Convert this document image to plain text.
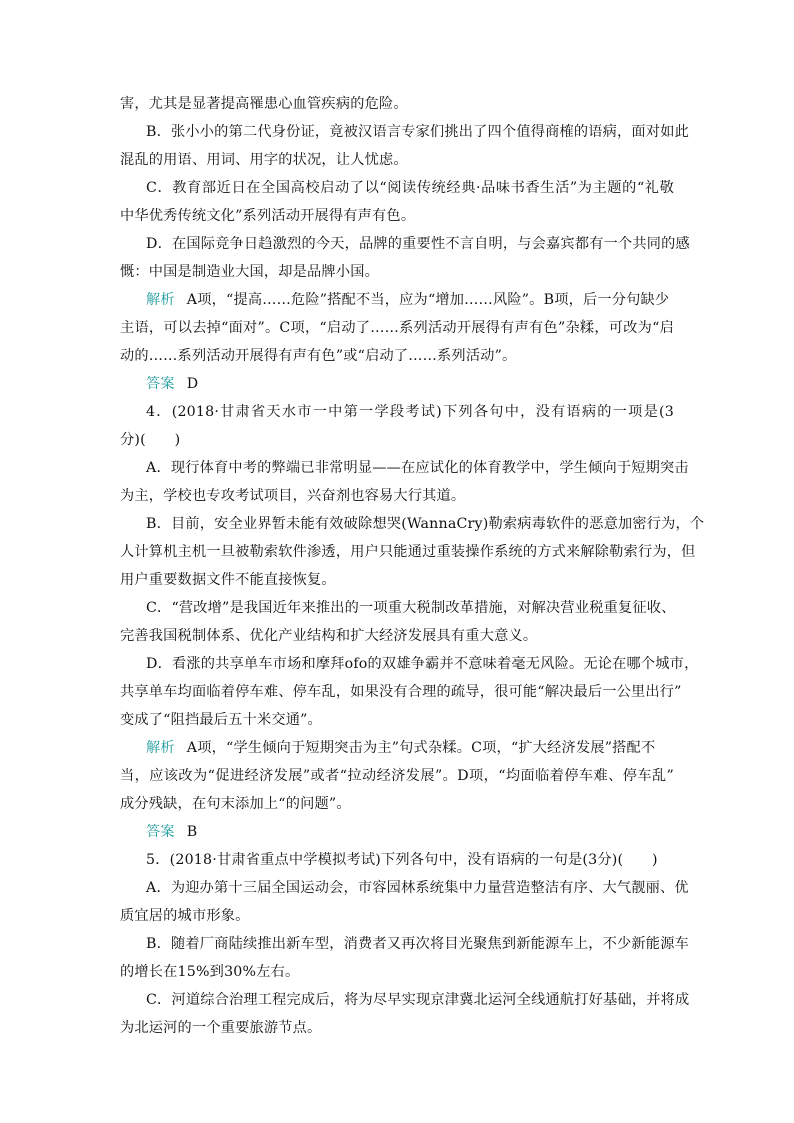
害，尤其是显著提高罹患心血管疾病的危险。
B．张小小的第二代身份证，竟被汉语言专家们挑出了四个值得商榷的语病，面对如此
混乱的用语、用词、用字的状况，让人忧虑。
C．教育部近日在全国高校启动了以“阅读传统经典·品味书香生活”为主题的“礼敬
中华优秀传统文化”系列活动开展得有声有色。
D．在国际竞争日趋激烈的今天，品牌的重要性不言自明，与会嘉宾都有一个共同的感
慨：中国是制造业大国，却是品牌小国。
解析 A项，“提高……危险”搭配不当，应为“增加……风险”。B项，后一分句缺少
主语，可以去掉“面对”。C项，“启动了……系列活动开展得有声有色”杂糅，可改为“启
动的……系列活动开展得有声有色”或“启动了……系列活动”。
答案 D
4．(2018·甘肃省天水市一中第一学段考试)下列各句中，没有语病的一项是(3
分)(　　)
A．现行体育中考的弊端已非常明显——在应试化的体育教学中，学生倾向于短期突击
为主，学校也专攻考试项目，兴奋剂也容易大行其道。
B．目前，安全业界暂未能有效破除想哭(WannaCry)勒索病毒软件的恶意加密行为，个
人计算机主机一旦被勒索软件渗透，用户只能通过重装操作系统的方式来解除勒索行为，但
用户重要数据文件不能直接恢复。
C．“营改增”是我国近年来推出的一项重大税制改革措施，对解决营业税重复征收、
完善我国税制体系、优化产业结构和扩大经济发展具有重大意义。
D．看涨的共享单车市场和摩拜ofo的双雄争霸并不意味着毫无风险。无论在哪个城市，
共享单车均面临着停车难、停车乱，如果没有合理的疏导，很可能“解决最后一公里出行”
变成了“阻挡最后五十米交通”。
解析 A项，“学生倾向于短期突击为主”句式杂糅。C项，“扩大经济发展”搭配不
当，应该改为“促进经济发展”或者“拉动经济发展”。D项，“均面临着停车难、停车乱”
成分残缺，在句末添加上“的问题”。
答案 B
5．(2018·甘肃省重点中学模拟考试)下列各句中，没有语病的一句是(3分)(　　)
A．为迎办第十三届全国运动会，市容园林系统集中力量营造整洁有序、大气靓丽、优
质宜居的城市形象。
B．随着厂商陆续推出新车型，消费者又再次将目光聚焦到新能源车上，不少新能源车
的增长在15%到30%左右。
C．河道综合治理工程完成后，将为尽早实现京津冀北运河全线通航打好基础，并将成
为北运河的一个重要旅游节点。
